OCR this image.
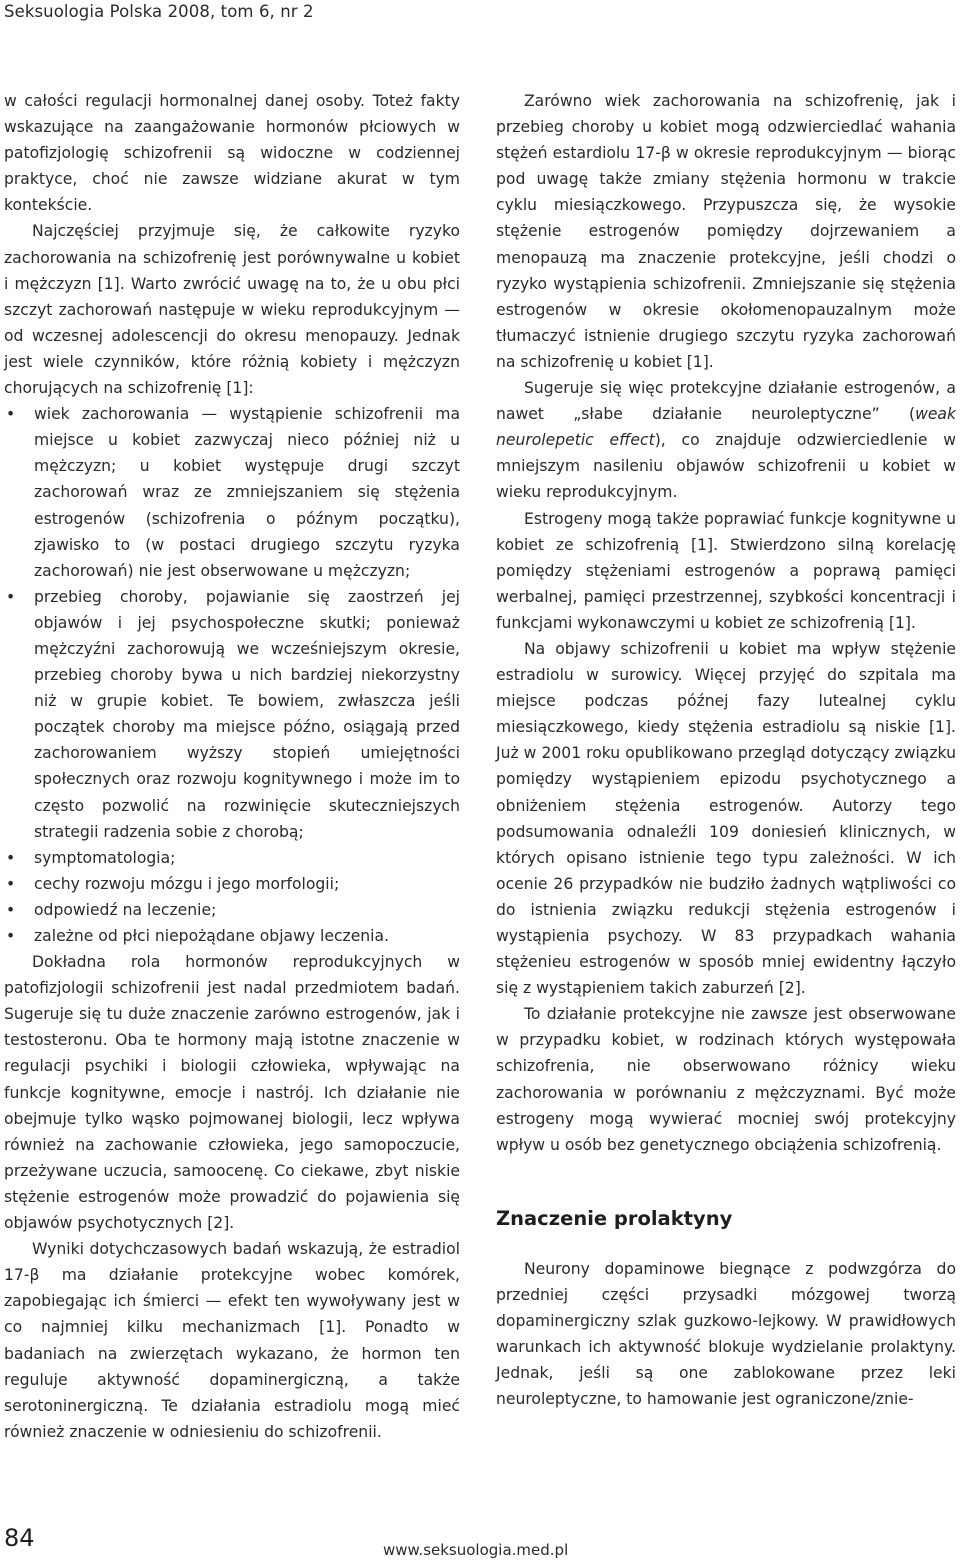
Seksuologia Polska 2008, tom 6, nr 2

w całości regulacji hormonalnej danej osoby. Toteż fakty wskazujące na zaangażowanie hormonów płciowych w patofizjologię schizofrenii są widoczne w codziennej praktyce, choć nie zawsze widziane akurat w tym kontekście.

Najczęściej przyjmuje się, że całkowite ryzyko zachorowania na schizofrenię jest porównywalne u kobiet i mężczyzn [1]. Warto zwrócić uwagę na to, że u obu płci szczyt zachorowań następuje w wieku reprodukcyjnym — od wczesnej adolescencji do okresu menopauzy. Jednak jest wiele czynników, które różnią kobiety i mężczyzn chorujących na schizofrenię [1]:

• wiek zachorowania — wystąpienie schizofrenii ma miejsce u kobiet zazwyczaj nieco później niż u mężczyzn; u kobiet występuje drugi szczyt zachorowań wraz ze zmniejszaniem się stężenia estrogenów (schizofrenia o późnym początku), zjawisko to (w postaci drugiego szczytu ryzyka zachorowań) nie jest obserwowane u mężczyzn;
• przebieg choroby, pojawianie się zaostrzeń jej objawów i jej psychospołeczne skutki; ponieważ mężczyźni zachorowują we wcześniejszym okresie, przebieg choroby bywa u nich bardziej niekorzystny niż w grupie kobiet. Te bowiem, zwłaszcza jeśli początek choroby ma miejsce późno, osiągają przed zachorowaniem wyższy stopień umiejętności społecznych oraz rozwoju kognitywnego i może im to często pozwolić na rozwinięcie skuteczniejszych strategii radzenia sobie z chorobą;
• symptomatologia;
• cechy rozwoju mózgu i jego morfologii;
• odpowiedź na leczenie;
• zależne od płci niepożądane objawy leczenia.

Dokładna rola hormonów reprodukcyjnych w patofizjologii schizofrenii jest nadal przedmiotem badań. Sugeruje się tu duże znaczenie zarówno estrogenów, jak i testosteronu. Oba te hormony mają istotne znaczenie w regulacji psychiki i biologii człowieka, wpływając na funkcje kognitywne, emocje i nastrój. Ich działanie nie obejmuje tylko wąsko pojmowanej biologii, lecz wpływa również na zachowanie człowieka, jego samopoczucie, przeżywane uczucia, samoocenę. Co ciekawe, zbyt niskie stężenie estrogenów może prowadzić do pojawienia się objawów psychotycznych [2].

Wyniki dotychczasowych badań wskazują, że estradiol 17-β ma działanie protekcyjne wobec komórek, zapobiegając ich śmierci — efekt ten wywoływany jest w co najmniej kilku mechanizmach [1]. Ponadto w badaniach na zwierzętach wykazano, że hormon ten reguluje aktywność dopaminergiczną, a także serotoninergiczną. Te działania estradiolu mogą mieć również znaczenie w odniesieniu do schizofrenii.

Zarówno wiek zachorowania na schizofrenię, jak i przebieg choroby u kobiet mogą odzwierciedlać wahania stężeń estardiolu 17-β w okresie reprodukcyjnym — biorąc pod uwagę także zmiany stężenia hormonu w trakcie cyklu miesiączkowego. Przypuszcza się, że wysokie stężenie estrogenów pomiędzy dojrzewaniem a menopauzą ma znaczenie protekcyjne, jeśli chodzi o ryzyko wystąpienia schizofrenii. Zmniejszanie się stężenia estrogenów w okresie okołomenopauzalnym może tłumaczyć istnienie drugiego szczytu ryzyka zachorowań na schizofrenię u kobiet [1].

Sugeruje się więc protekcyjne działanie estrogenów, a nawet „słabe działanie neuroleptyczne” (weak neurolepetic effect), co znajduje odzwierciedlenie w mniejszym nasileniu objawów schizofrenii u kobiet w wieku reprodukcyjnym.

Estrogeny mogą także poprawiać funkcje kognitywne u kobiet ze schizofrenią [1]. Stwierdzono silną korelację pomiędzy stężeniami estrogenów a poprawą pamięci werbalnej, pamięci przestrzennej, szybkości koncentracji i funkcjami wykonawczymi u kobiet ze schizofrenią [1].

Na objawy schizofrenii u kobiet ma wpływ stężenie estradiolu w surowicy. Więcej przyjęć do szpitala ma miejsce podczas późnej fazy lutealnej cyklu miesiączkowego, kiedy stężenia estradiolu są niskie [1]. Już w 2001 roku opublikowano przegląd dotyczący związku pomiędzy wystąpieniem epizodu psychotycznego a obniżeniem stężenia estrogenów. Autorzy tego podsumowania odnaleźli 109 doniesień klinicznych, w których opisano istnienie tego typu zależności. W ich ocenie 26 przypadków nie budziło żadnych wątpliwości co do istnienia związku redukcji stężenia estrogenów i wystąpienia psychozy. W 83 przypadkach wahania stężenieu estrogenów w sposób mniej ewidentny łączyło się z wystąpieniem takich zaburzeń [2].

To działanie protekcyjne nie zawsze jest obserwowane w przypadku kobiet, w rodzinach których występowała schizofrenia, nie obserwowano różnicy wieku zachorowania w porównaniu z mężczyznami. Być może estrogeny mogą wywierać mocniej swój protekcyjny wpływ u osób bez genetycznego obciążenia schizofrenią.

Znaczenie prolaktyny

Neurony dopaminowe biegnące z podwzgórza do przedniej części przysadki mózgowej tworzą dopaminergiczny szlak guzkowo-lejkowy. W prawidłowych warunkach ich aktywność blokuje wydzielanie prolaktyny. Jednak, jeśli są one zablokowane przez leki neuroleptyczne, to hamowanie jest ograniczone/znie-

84	www.seksuologia.med.pl
